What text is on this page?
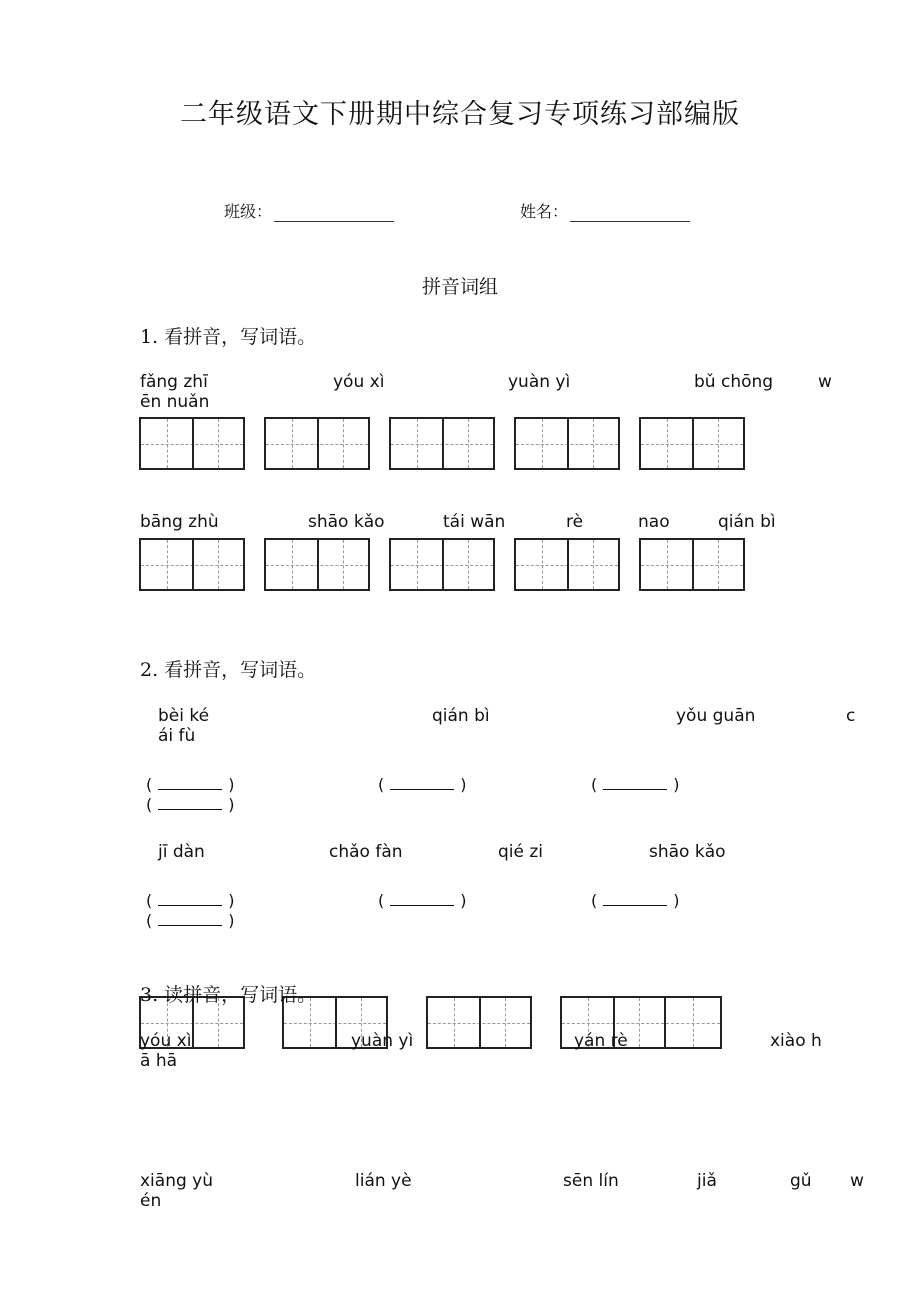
二年级语文下册期中综合复习专项练习部编版
班级：	姓名：
拼音词组
1. 看拼音，写词语。
fǎng zhī	yóu xì	yuàn yì	bǔ chōng	w
ēn nuǎn
bāng zhù	shāo kǎo	tái wān	rè	nao	qián bì
2. 看拼音，写词语。
bèi ké	qián bì	yǒu guān	c
ái fù
(	)	(	)	(	)
(	)
jī dàn	chǎo fàn	qié zi	shāo kǎo
(	)	(	)	(	)
(	)
3. 读拼音，写词语。
yóu xì	yuàn yì	yán rè	xiào h
ā hā
xiāng yù	lián yè	sēn lín	jiǎ	gǔ w
én
